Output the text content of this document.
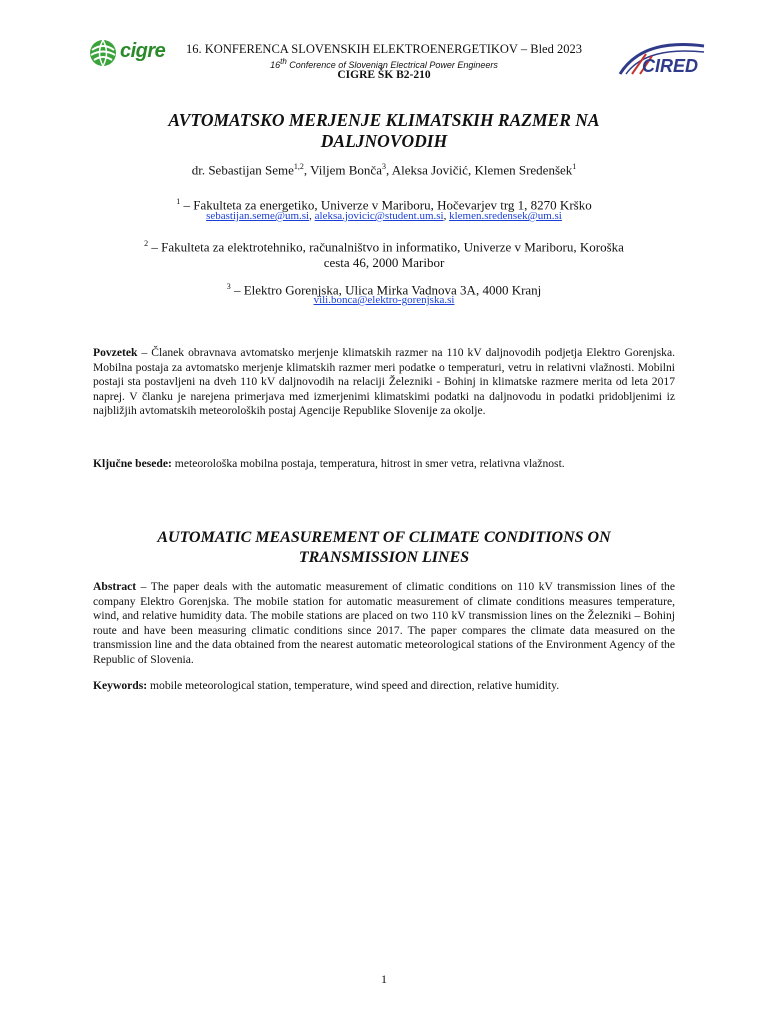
cigre
CIRED
16. KONFERENCA SLOVENSKIH ELEKTROENERGETIKOV – Bled 2023
16th Conference of Slovenian Electrical Power Engineers
CIGRE ŠK B2-210
AVTOMATSKO MERJENJE KLIMATSKIH RAZMER NA
DALJNOVODIH
dr. Sebastijan Seme$^{1,2}$, Viljem Bonča$^3$, Aleksa Jovičić, Klemen Sredenšek$^1$
$^1$ – Fakulteta za energetiko, Univerze v Mariboru, Hočevarjev trg 1, 8270 Krško
sebastijan.seme@um.si, aleksa.jovicic@student.um.si, klemen.sredensek@um.si
$^2$ – Fakulteta za elektrotehniko, računalništvo in informatiko, Univerze v Mariboru, Koroška
cesta 46, 2000 Maribor
$^3$ – Elektro Gorenjska, Ulica Mirka Vadnova 3A, 4000 Kranj
vili.bonca@elektro-gorenjska.si
Povzetek – Članek obravnava avtomatsko merjenje klimatskih razmer na 110 kV daljnovodih podjetja Elektro Gorenjska. Mobilna postaja za avtomatsko merjenje klimatskih razmer meri podatke o temperaturi, vetru in relativni vlažnosti. Mobilni postaji sta postavljeni na dveh 110 kV daljnovodih na relaciji Železniki - Bohinj in klimatske razmere merita od leta 2017 naprej. V članku je narejena primerjava med izmerjenimi klimatskimi podatki na daljnovodu in podatki pridobljenimi iz najbližjih avtomatskih meteoroloških postaj Agencije Republike Slovenije za okolje.
Ključne besede: meteorološka mobilna postaja, temperatura, hitrost in smer vetra, relativna vlažnost.
AUTOMATIC MEASUREMENT OF CLIMATE CONDITIONS ON
TRANSMISSION LINES
Abstract – The paper deals with the automatic measurement of climatic conditions on 110 kV transmission lines of the company Elektro Gorenjska. The mobile station for automatic measurement of climate conditions measures temperature, wind, and relative humidity data. The mobile stations are placed on two 110 kV transmission lines on the Železniki – Bohinj route and have been measuring climatic conditions since 2017. The paper compares the climate data measured on the transmission line and the data obtained from the nearest automatic meteorological stations of the Environment Agency of the Republic of Slovenia.
Keywords: mobile meteorological station, temperature, wind speed and direction, relative humidity.
1
